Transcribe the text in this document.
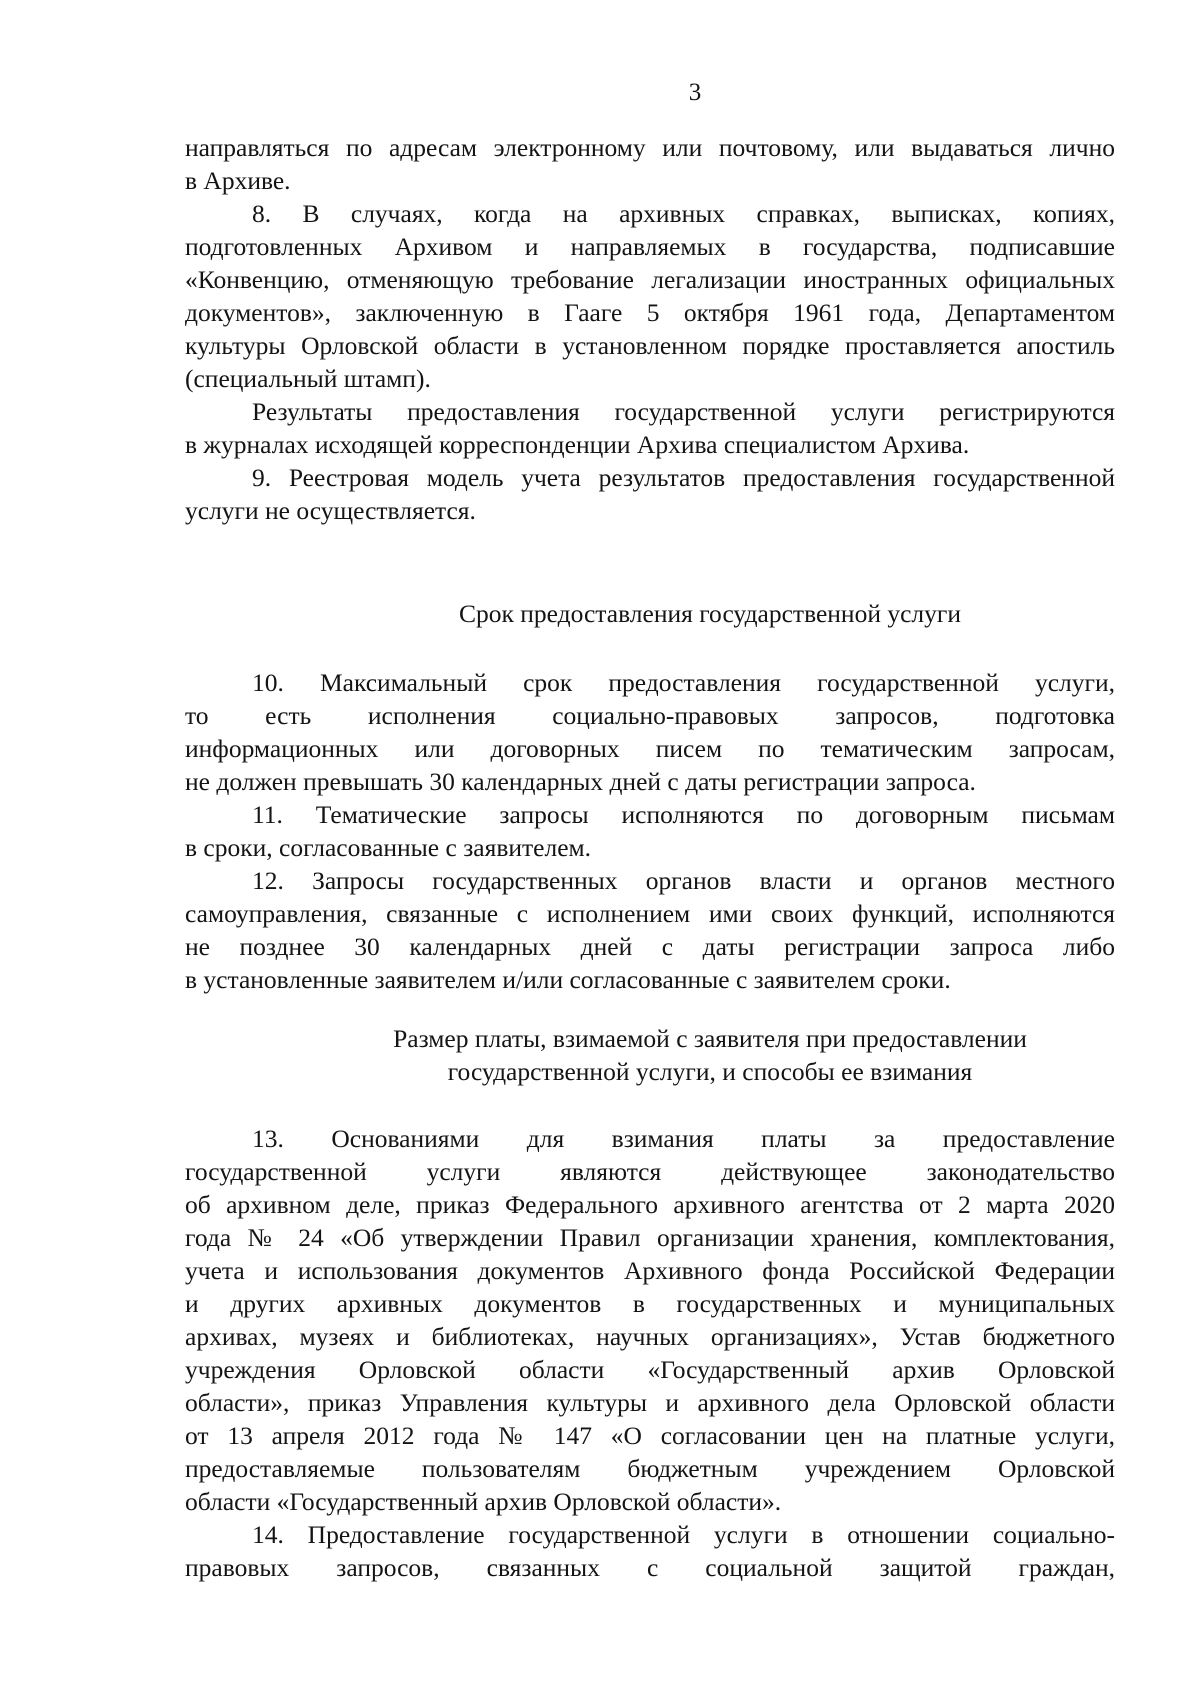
3
направляться по адресам электронному или почтовому, или выдаваться лично
в Архиве.
8. В случаях, когда на архивных справках, выписках, копиях,
подготовленных Архивом и направляемых в государства, подписавшие
«Конвенцию, отменяющую требование легализации иностранных официальных
документов», заключенную в Гааге 5 октября 1961 года, Департаментом
культуры Орловской области в установленном порядке проставляется апостиль
(специальный штамп).
Результаты предоставления государственной услуги регистрируются
в журналах исходящей корреспонденции Архива специалистом Архива.
9. Реестровая модель учета результатов предоставления государственной
услуги не осуществляется.
Срок предоставления государственной услуги
10. Максимальный срок предоставления государственной услуги,
то есть исполнения социально-правовых запросов, подготовка
информационных или договорных писем по тематическим запросам,
не должен превышать 30 календарных дней с даты регистрации запроса.
11. Тематические запросы исполняются по договорным письмам
в сроки, согласованные с заявителем.
12. Запросы государственных органов власти и органов местного
самоуправления, связанные с исполнением ими своих функций, исполняются
не позднее 30 календарных дней с даты регистрации запроса либо
в установленные заявителем и/или согласованные с заявителем сроки.
Размер платы, взимаемой с заявителя при предоставлении
государственной услуги, и способы ее взимания
13. Основаниями для взимания платы за предоставление
государственной услуги являются действующее законодательство
об архивном деле, приказ Федерального архивного агентства от 2 марта 2020
года № 24 «Об утверждении Правил организации хранения, комплектования,
учета и использования документов Архивного фонда Российской Федерации
и других архивных документов в государственных и муниципальных
архивах, музеях и библиотеках, научных организациях», Устав бюджетного
учреждения Орловской области «Государственный архив Орловской
области», приказ Управления культуры и архивного дела Орловской области
от 13 апреля 2012 года № 147 «О согласовании цен на платные услуги,
предоставляемые пользователям бюджетным учреждением Орловской
области «Государственный архив Орловской области».
14. Предоставление государственной услуги в отношении социально-
правовых запросов, связанных с социальной защитой граждан,
